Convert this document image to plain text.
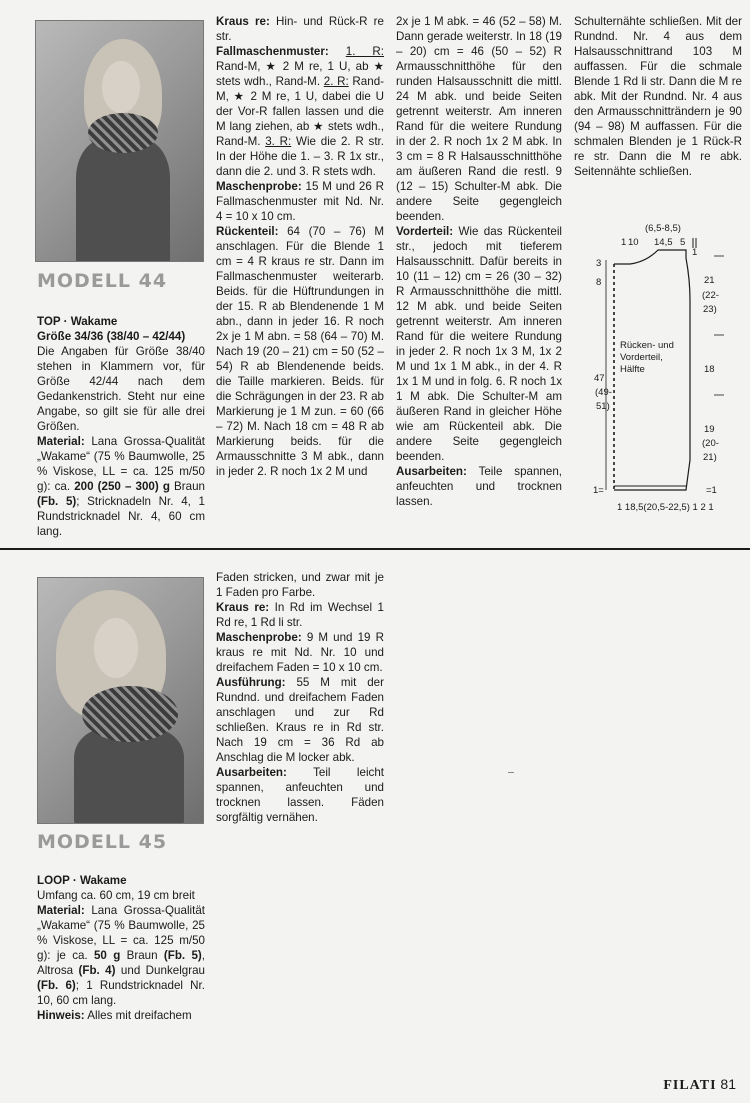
MODELL 44

TOP · Wakame

Größe 34/36 (38/40 – 42/44)

Die Angaben für Größe 38/40 stehen in Klammern vor, für Größe 42/44 nach dem Gedankenstrich. Steht nur eine Angabe, so gilt sie für alle drei Größen.

Material: Lana Grossa-Qualität „Wakame“ (75 % Baumwolle, 25 % Viskose, LL = ca. 125 m/50 g): ca. 200 (250 – 300) g Braun (Fb. 5); Stricknadeln Nr. 4, 1 Rundstricknadel Nr. 4, 60 cm lang.

Kraus re: Hin- und Rück-R re str.

Fallmaschenmuster: 1. R: Rand-M, ★ 2 M re, 1 U, ab ★ stets wdh., Rand-M. 2. R: Rand-M, ★ 2 M re, 1 U, dabei die U der Vor-R fallen lassen und die M lang ziehen, ab ★ stets wdh., Rand-M. 3. R: Wie die 2. R str. In der Höhe die 1. – 3. R 1x str., dann die 2. und 3. R stets wdh.

Maschenprobe: 15 M und 26 R Fallmaschenmuster mit Nd. Nr. 4 = 10 x 10 cm.

Rückenteil: 64 (70 – 76) M anschlagen. Für die Blende 1 cm = 4 R kraus re str. Dann im Fallmaschenmuster weiterarb. Beids. für die Hüftrundungen in der 15. R ab Blendenende 1 M abn., dann in jeder 16. R noch 2x je 1 M abn. = 58 (64 – 70) M. Nach 19 (20 – 21) cm = 50 (52 – 54) R ab Blendenende beids. die Taille markieren. Beids. für die Schrägungen in der 23. R ab Markierung je 1 M zun. = 60 (66 – 72) M. Nach 18 cm = 48 R ab Markierung beids. für die Armausschnitte 3 M abk., dann in jeder 2. R noch 1x 2 M und

2x je 1 M abk. = 46 (52 – 58) M. Dann gerade weiterstr. In 18 (19 – 20) cm = 46 (50 – 52) R Armausschnitthöhe für den runden Halsausschnitt die mittl. 24 M abk. und beide Seiten getrennt weiterstr. Am inneren Rand für die weitere Rundung in der 2. R noch 1x 2 M abk. In 3 cm = 8 R Halsausschnitthöhe am äußeren Rand die restl. 9 (12 – 15) Schulter-M abk. Die andere Seite gegengleich beenden.

Vorderteil: Wie das Rückenteil str., jedoch mit tieferem Halsausschnitt. Dafür bereits in 10 (11 – 12) cm = 26 (30 – 32) R Armausschnitthöhe die mittl. 12 M abk. und beide Seiten getrennt weiterstr. Am inneren Rand für die weitere Rundung in jeder 2. R noch 1x 3 M, 1x 2 M und 1x 1 M abk., in der 4. R 1x 1 M und in folg. 6. R noch 1x 1 M abk. Die Schulter-M am äußeren Rand in gleicher Höhe wie am Rückenteil abk. Die andere Seite gegengleich beenden.

Ausarbeiten: Teile spannen, anfeuchten und trocknen lassen.

Schulternähte schließen. Mit der Rundnd. Nr. 4 aus dem Halsausschnittrand 103 M auffassen. Für die schmale Blende 1 Rd li str. Dann die M re abk. Mit der Rundnd. Nr. 4 aus den Armausschnitträndern je 90 (94 – 98) M auffassen. Für die schmalen Blenden je 1 Rück-R re str. Dann die M re abk. Seitennähte schließen.

(6,5-8,5)
1 10 14,5 5
1
3
8
47
(49-
51)
1=
21
(22-
23)
18
19
(20-
21)
=1
Rücken- und
Vorderteil,
Hälfte
1 18,5(20,5-22,5) 1 2 1
MODELL 45

LOOP · Wakame

Umfang ca. 60 cm, 19 cm breit

Material: Lana Grossa-Qualität „Wakame“ (75 % Baumwolle, 25 % Viskose, LL = ca. 125 m/50 g): je ca. 50 g Braun (Fb. 5), Altrosa (Fb. 4) und Dunkelgrau (Fb. 6); 1 Rundstricknadel Nr. 10, 60 cm lang.

Hinweis: Alles mit dreifachem

Faden stricken, und zwar mit je 1 Faden pro Farbe.

Kraus re: In Rd im Wechsel 1 Rd re, 1 Rd li str.

Maschenprobe: 9 M und 19 R kraus re mit Nd. Nr. 10 und dreifachem Faden = 10 x 10 cm.

Ausführung: 55 M mit der Rundnd. und dreifachem Faden anschlagen und zur Rd schließen. Kraus re in Rd str. Nach 19 cm = 36 Rd ab Anschlag die M locker abk.

Ausarbeiten: Teil leicht spannen, anfeuchten und trocknen lassen. Fäden sorgfältig vernähen.

FILATI 81
